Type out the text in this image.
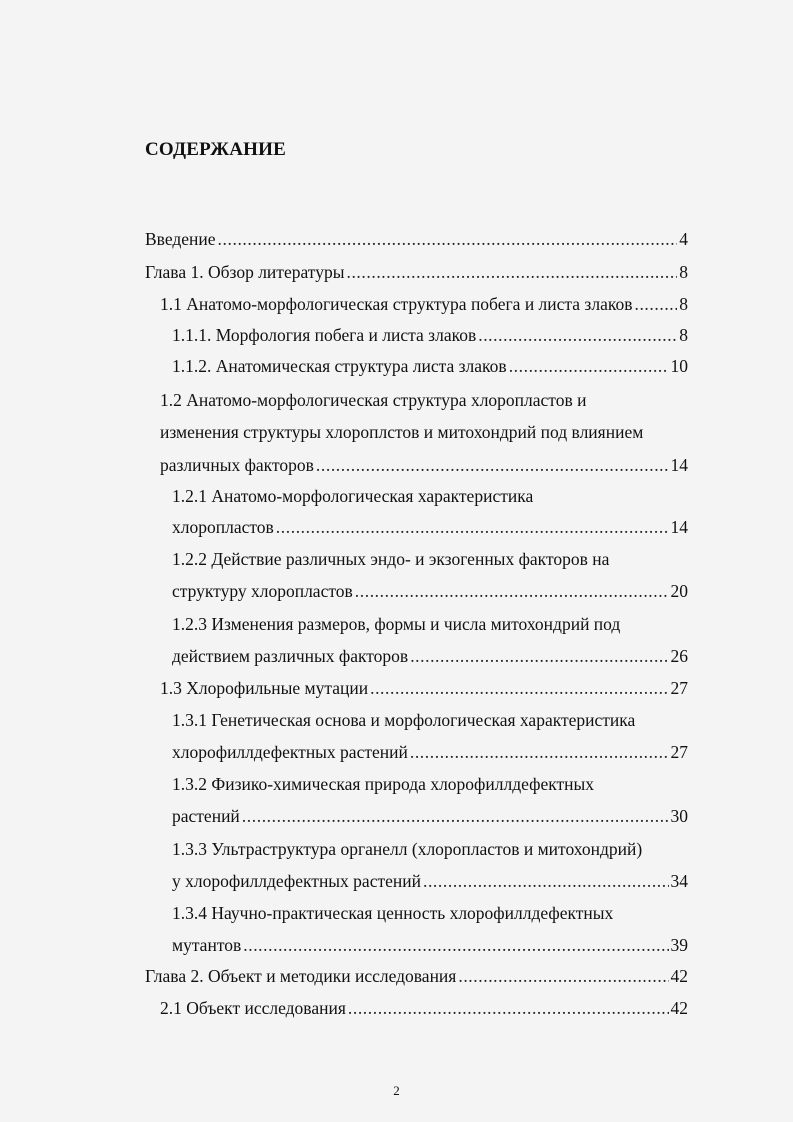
СОДЕРЖАНИЕ
Введение .....	4
Глава 1. Обзор литературы .....	8
1.1 Анатомо-морфологическая структура побега и листа злаков .....	8
1.1.1. Морфология побега и листа злаков .....	8
1.1.2. Анатомическая структура листа злаков .....	10
1.2 Анатомо-морфологическая структура хлоропластов и
изменения структуры хлороплстов и митохондрий под влиянием
различных факторов .....	14
1.2.1 Анатомо-морфологическая характеристика
хлоропластов .....	14
1.2.2 Действие различных эндо- и экзогенных факторов на
структуру хлоропластов .....	20
1.2.3 Изменения размеров, формы и числа митохондрий под
действием различных факторов .....	26
1.3 Хлорофильные мутации .....	27
1.3.1 Генетическая основа и морфологическая характеристика
хлорофиллдефектных растений .....	27
1.3.2 Физико-химическая природа хлорофиллдефектных
растений .....	30
1.3.3 Ультраструктура органелл (хлоропластов и митохондрий)
у хлорофиллдефектных растений .....	34
1.3.4 Научно-практическая ценность хлорофиллдефектных
мутантов .....	39
Глава 2. Объект и методики исследования .....	42
2.1 Объект исследования .....	42
2
